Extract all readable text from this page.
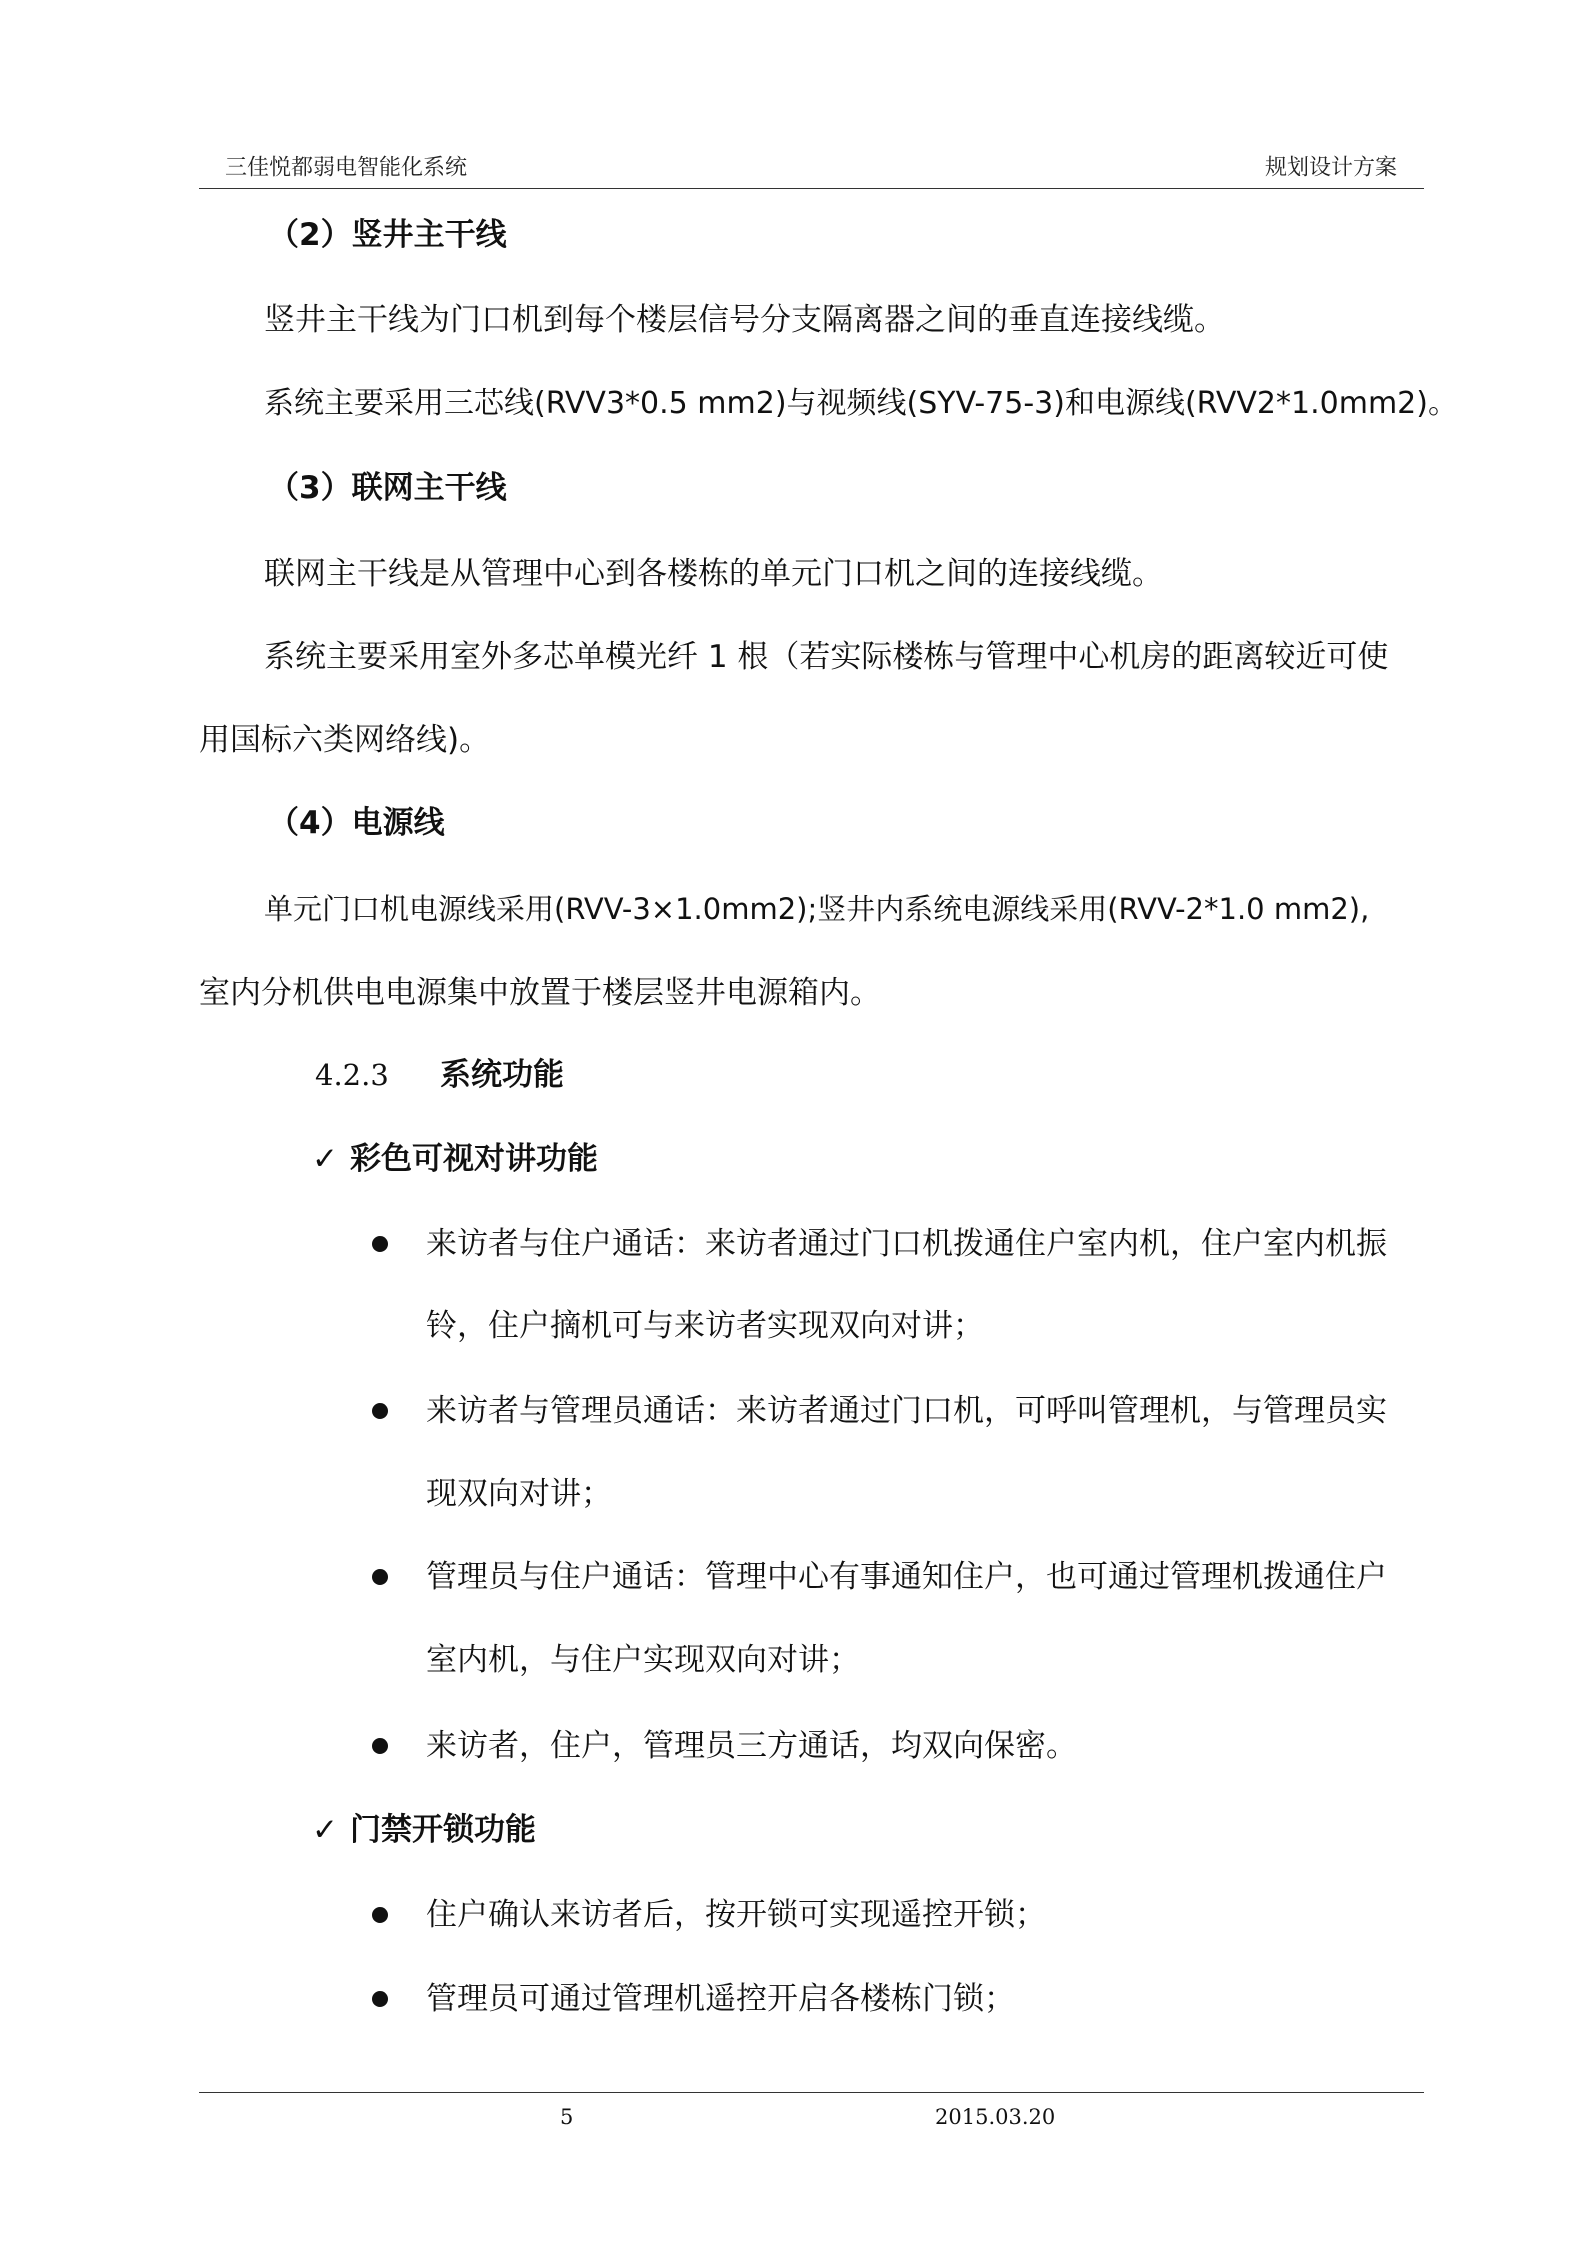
三佳悦都弱电智能化系统	规划设计方案
（2）竖井主干线
竖井主干线为门口机到每个楼层信号分支隔离器之间的垂直连接线缆。
系统主要采用三芯线(RVV3*0.5 mm2)与视频线(SYV-75-3)和电源线(RVV2*1.0mm2)。
（3）联网主干线
联网主干线是从管理中心到各楼栋的单元门口机之间的连接线缆。
系统主要采用室外多芯单模光纤 1 根（若实际楼栋与管理中心机房的距离较近可使
用国标六类网络线)。
（4）电源线
单元门口机电源线采用(RVV-3×1.0mm2);竖井内系统电源线采用(RVV-2*1.0 mm2),
室内分机供电电源集中放置于楼层竖井电源箱内。
4.2.3 系统功能
✓ 彩色可视对讲功能
来访者与住户通话：来访者通过门口机拨通住户室内机，住户室内机振
铃，住户摘机可与来访者实现双向对讲；
来访者与管理员通话：来访者通过门口机，可呼叫管理机，与管理员实
现双向对讲；
管理员与住户通话：管理中心有事通知住户，也可通过管理机拨通住户
室内机，与住户实现双向对讲；
来访者，住户，管理员三方通话，均双向保密。
✓ 门禁开锁功能
住户确认来访者后，按开锁可实现遥控开锁；
管理员可通过管理机遥控开启各楼栋门锁；
5	2015.03.20
